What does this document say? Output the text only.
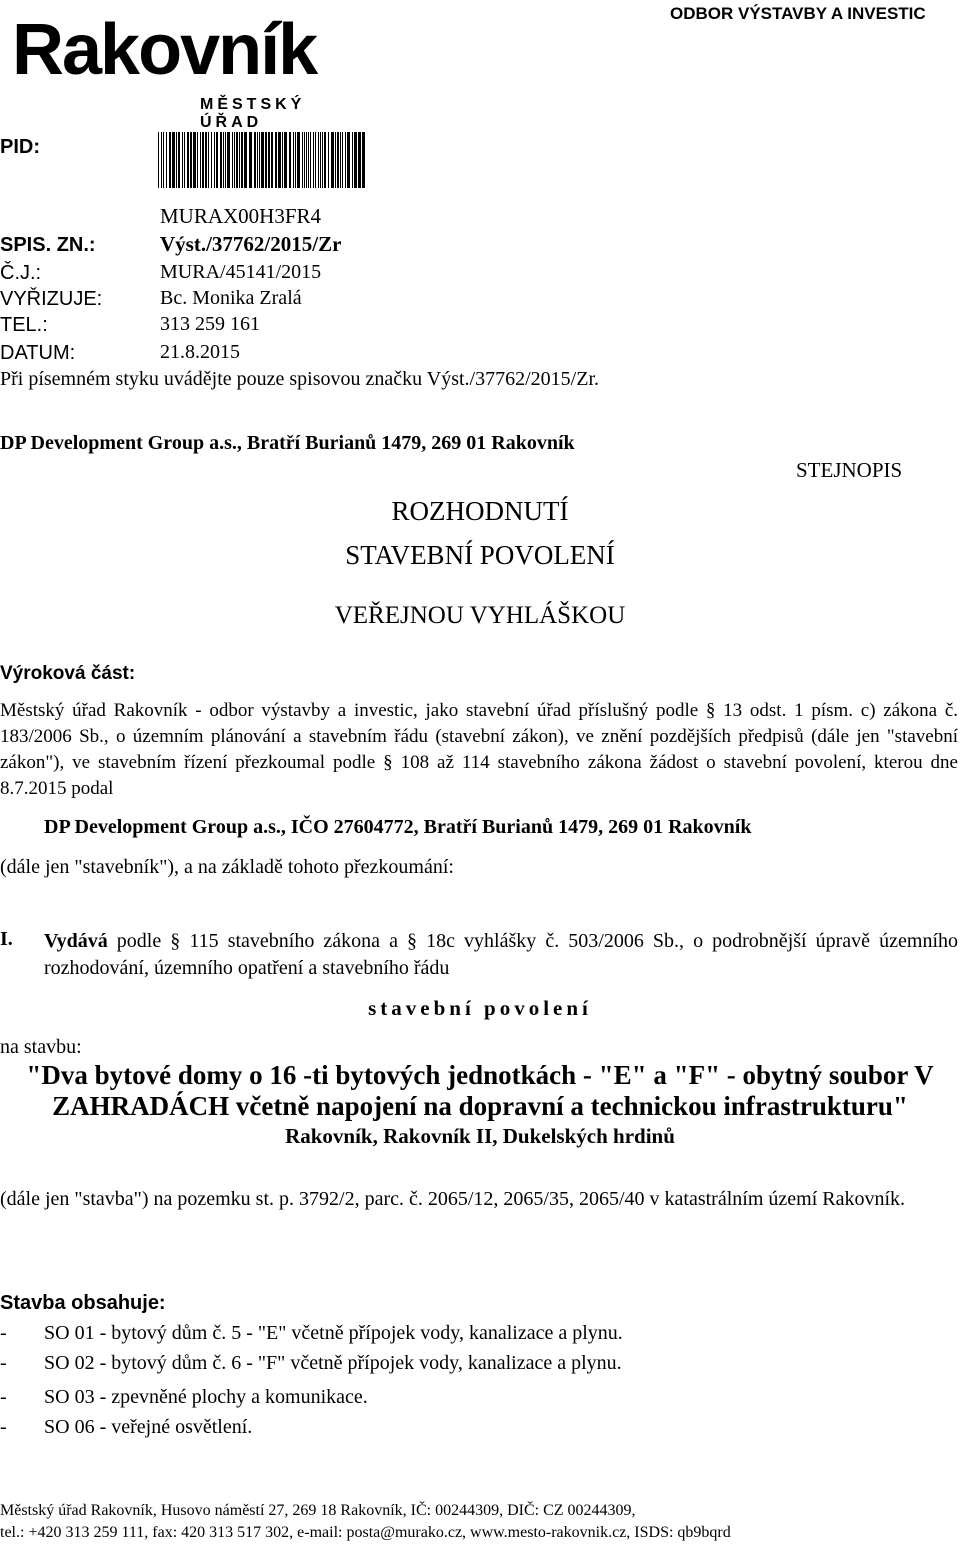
ODBOR VÝSTAVBY A INVESTIC
Rakovník
MĚSTSKÝ ÚŘAD
PID:
MURAX00H3FR4
SPIS. ZN.:	Výst./37762/2015/Zr
Č.J.:	MURA/45141/2015
VYŘIZUJE:	Bc. Monika Zralá
TEL.:	313 259 161
DATUM:	21.8.2015
Při písemném styku uvádějte pouze spisovou značku Výst./37762/2015/Zr.
DP Development Group a.s., Bratří Burianů 1479, 269 01 Rakovník
STEJNOPIS
ROZHODNUTÍ
STAVEBNÍ POVOLENÍ
VEŘEJNOU VYHLÁŠKOU
Výroková část:
Městský úřad Rakovník - odbor výstavby a investic, jako stavební úřad příslušný podle § 13 odst. 1 písm. c) zákona č. 183/2006 Sb., o územním plánování a stavebním řádu (stavební zákon), ve znění pozdějších předpisů (dále jen "stavební zákon"), ve stavebním řízení přezkoumal podle § 108 až 114 stavebního zákona žádost o stavební povolení, kterou dne 8.7.2015 podal
DP Development Group a.s., IČO 27604772, Bratří Burianů 1479, 269 01 Rakovník
(dále jen "stavebník"), a na základě tohoto přezkoumání:
I. Vydává podle § 115 stavebního zákona a § 18c vyhlášky č. 503/2006 Sb., o podrobnější úpravě územního rozhodování, územního opatření a stavebního řádu
stavební povolení
na stavbu:
"Dva bytové domy o 16 -ti bytových jednotkách - "E" a "F" - obytný soubor V
ZAHRADÁCH včetně napojení na dopravní a technickou infrastrukturu"
Rakovník, Rakovník II, Dukelských hrdinů
(dále jen "stavba") na pozemku st. p. 3792/2, parc. č. 2065/12, 2065/35, 2065/40 v katastrálním území Rakovník.
Stavba obsahuje:
- SO 01 - bytový dům č. 5 - "E" včetně přípojek vody, kanalizace a plynu.
- SO 02 - bytový dům č. 6 - "F" včetně přípojek vody, kanalizace a plynu.
- SO 03 - zpevněné plochy a komunikace.
- SO 06 - veřejné osvětlení.
Městský úřad Rakovník, Husovo náměstí 27, 269 18 Rakovník, IČ: 00244309, DIČ: CZ 00244309,
tel.: +420 313 259 111, fax: 420 313 517 302, e-mail: posta@murako.cz, www.mesto-rakovnik.cz, ISDS: qb9bqrd
